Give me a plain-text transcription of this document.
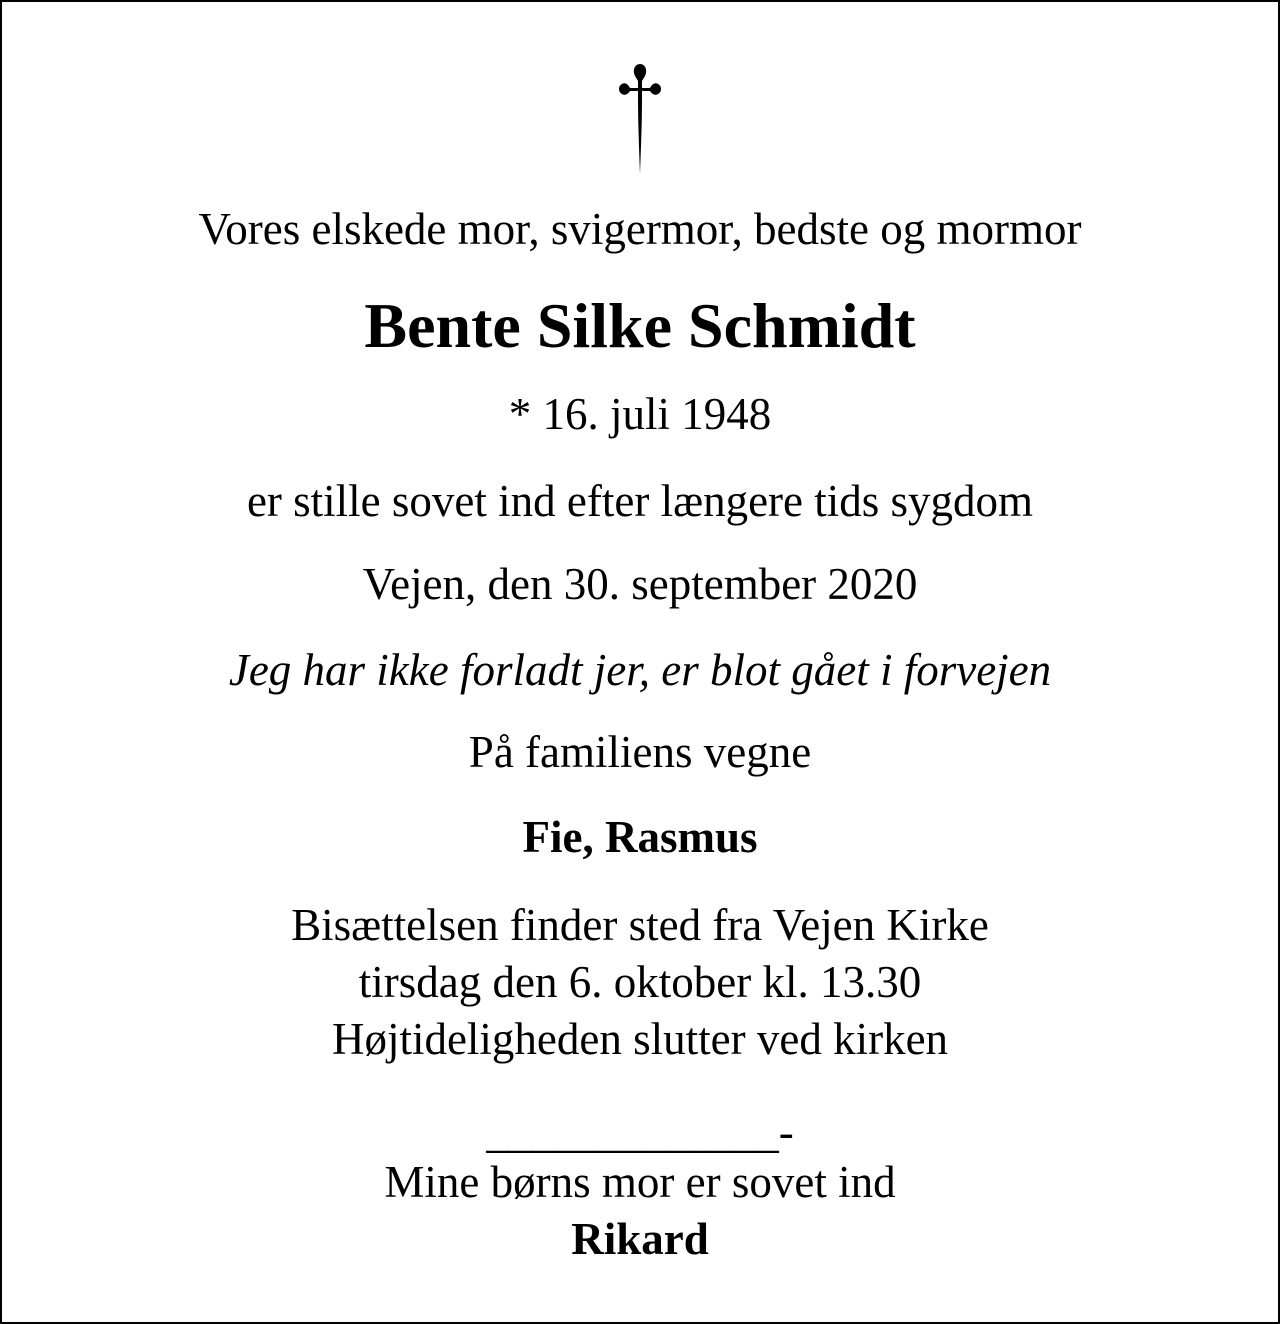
Vores elskede mor, svigermor, bedste og mormor
Bente Silke Schmidt
* 16. juli 1948
er stille sovet ind efter længere tids sygdom
Vejen, den 30. september 2020
Jeg har ikke forladt jer, er blot gået i forvejen
På familiens vegne
Fie, Rasmus
Bisættelsen finder sted fra Vejen Kirke
tirsdag den 6. oktober kl. 13.30
Højtideligheden slutter ved kirken
_____________-
Mine børns mor er sovet ind
Rikard
